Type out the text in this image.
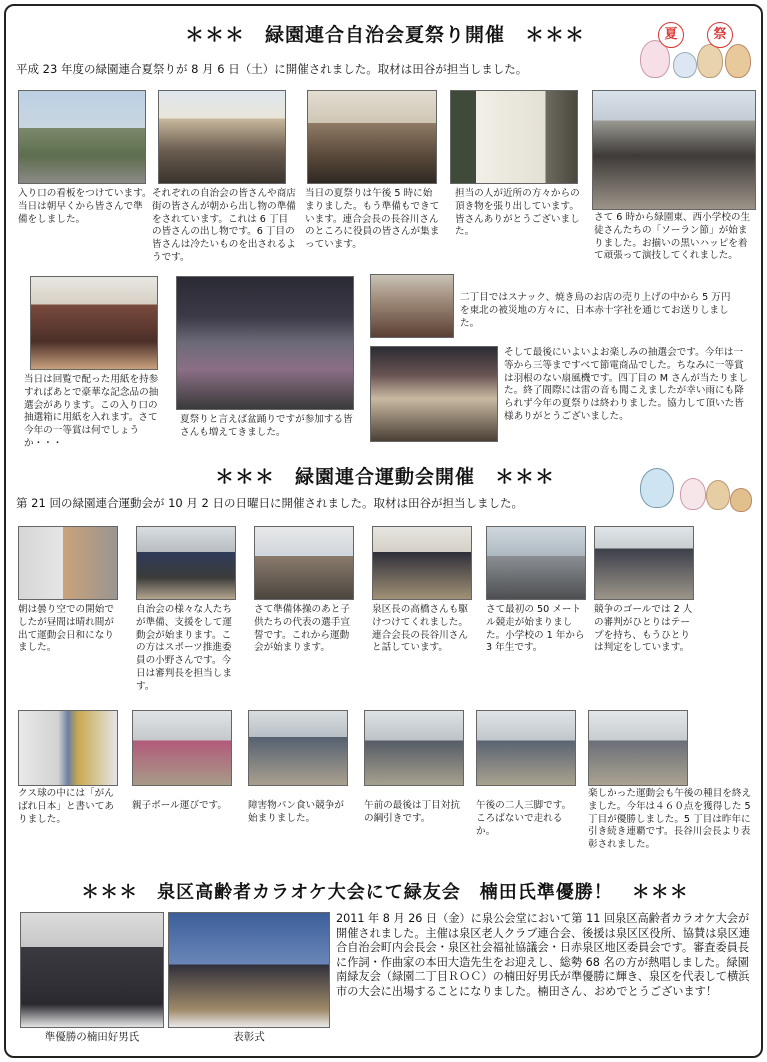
＊＊＊　緑園連合自治会夏祭り開催　＊＊＊	夏	祭
平成 23 年度の緑園連合夏祭りが 8 月 6 日（土）に開催されました。取材は田谷が担当しました。
入り口の看板をつけています。当日は朝早くから皆さんで準備をしました。
それぞれの自治会の皆さんや商店街の皆さんが朝から出し物の準備をされています。これは 6 丁目の皆さんの出し物です。6 丁目の皆さんは冷たいものを出されるようです。
当日の夏祭りは午後 5 時に始まりました。もう準備もできています。連合会長の長谷川さんのところに役員の皆さんが集まっています。
担当の人が近所の方々からの頂き物を張り出しています。皆さんありがとうございました。
さて 6 時から緑園東、西小学校の生徒さんたちの「ソーラン節」が始まりました。お揃いの黒いハッピを着て頑張って演技してくれました。
当日は回覧で配った用紙を持参すればあとで豪華な記念品の抽選会があります。この入り口の抽選箱に用紙を入れます。さて今年の一等賞は何でしょうか・・・
夏祭りと言えば盆踊りですが参加する皆さんも増えてきました。
二丁目ではスナック、焼き鳥のお店の売り上げの中から 5 万円を東北の被災地の方々に、日本赤十字社を通じてお送りしました。
そして最後にいよいよお楽しみの抽選会です。今年は一等から三等まですべて節電商品でした。ちなみに一等賞は羽根のない扇風機です。四丁目の M さんが当たりました。終了間際には雷の音も聞こえましたが幸い雨にも降られず今年の夏祭りは終わりました。協力して頂いた皆様ありがとうございました。
＊＊＊　緑園連合運動会開催　＊＊＊
第 21 回の緑園連合運動会が 10 月 2 日の日曜日に開催されました。取材は田谷が担当しました。
朝は曇り空での開始でしたが昼間は晴れ間が出て運動会日和になりました。
自治会の様々な人たちが準備、支援をして運動会が始まります。この方はスポーツ推進委員の小野さんです。今日は審判長を担当します。
さて準備体操のあと子供たちの代表の選手宣誓です。これから運動会が始まります。
泉区長の高橋さんも駆けつけてくれました。連合会長の長谷川さんと話しています。
さて最初の 50 メートル競走が始まりました。小学校の 1 年から 3 年生です。
競争のゴールでは 2 人の審判がひとりはテープを持ち、もうひとりは判定をしています。
クス球の中には「がんばれ日本」と書いてありました。
親子ボール運びです。	障害物パン食い競争が始まりました。
午前の最後は丁目対抗の綱引きです。
午後の二人三脚です。ころばないで走れるか。
楽しかった運動会も午後の種目を終えました。今年は４６０点を獲得した 5 丁目が優勝しました。5 丁目は昨年に引き続き連覇です。長谷川会長より表彰されました。
＊＊＊　泉区高齢者カラオケ大会にて緑友会　楠田氏準優勝！　＊＊＊
準優勝の楠田好男氏	表彰式
2011 年 8 月 26 日（金）に泉公会堂において第 11 回泉区高齢者カラオケ大会が開催されました。主催は泉区老人クラブ連合会、後援は泉区区役所、協賛は泉区連合自治会町内会長会・泉区社会福祉協議会・日赤泉区地区委員会です。審査委員長に作詞・作曲家の本田大造先生をお迎えし、総勢 68 名の方が熱唱しました。緑園南緑友会（緑園二丁目ＲＯＣ）の楠田好男氏が準優勝に輝き、泉区を代表して横浜市の大会に出場することになりました。楠田さん、おめでとうございます！
